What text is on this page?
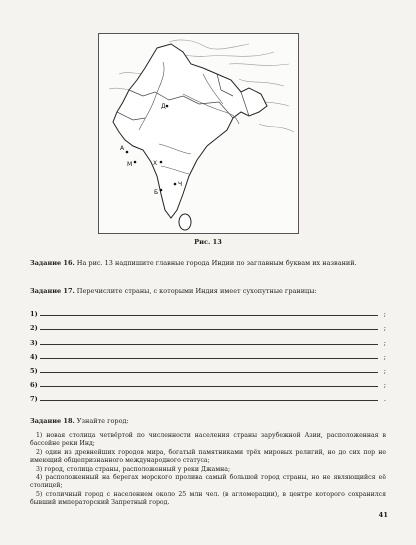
Д
А
М	Х
Ч
Б
Рис. 13
Задание 16. На рис. 13 надпишите главные города Индии по заглавным буквам их названий.
Задание 17. Перечислите страны, с которыми Индия имеет сухопутные границы:
1)	;
2)	;
3)	;
4)	;
5)	;
6)	;
7)	.
Задание 18. Узнайте город:
1) новая столица четвёртой по численности населения страны зарубежной Азии, расположенная в бассейне реки Инд;
2) один из древнейших городов мира, богатый памятниками трёх мировых религий, но до сих пор не имеющий общепризнанного международного статуса;
3) город, столица страны, расположенный у реки Джамна;
4) расположенный на берегах морского пролива самый большой город страны, но не являющийся её столицей;
5) столичный город с населением около 25 млн чел. (в агломерации), в центре которого сохранился бывший императорский Запретный город.
41
